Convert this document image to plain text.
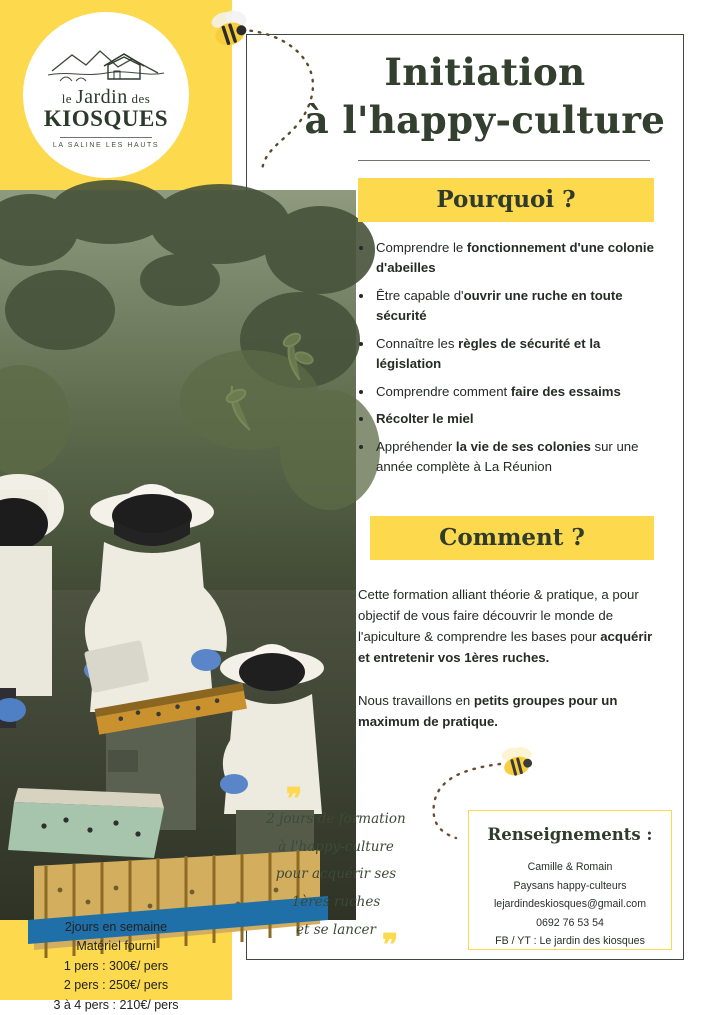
le Jardin des
KIOSQUES
LA SALINE LES HAUTS
Initiation
à l'happy-culture
Pourquoi ?
• Comprendre le fonctionnement d'une colonie d'abeilles
• Être capable d'ouvrir une ruche en toute sécurité
• Connaître les règles de sécurité et la législation
• Comprendre comment faire des essaims
• Récolter le miel
• Appréhender la vie de ses colonies sur une année complète à La Réunion
Comment ?
Cette formation alliant théorie & pratique, a pour objectif de vous faire découvrir le monde de l'apiculture & comprendre les bases pour acquérir et entretenir vos 1ères ruches.
Nous travaillons en petits groupes pour un maximum de pratique.
❞
2 jours de formation
à l'happy-culture
pour acquérir ses
1ères ruches
et se lancer ❞
Renseignements :
Camille & Romain
Paysans happy-culteurs
lejardindeskiosques@gmail.com
0692 76 53 54
FB / YT : Le jardin des kiosques
2jours en semaine
Matériel fourni
1 pers : 300€/ pers
2 pers : 250€/ pers
3 à 4 pers : 210€/ pers
